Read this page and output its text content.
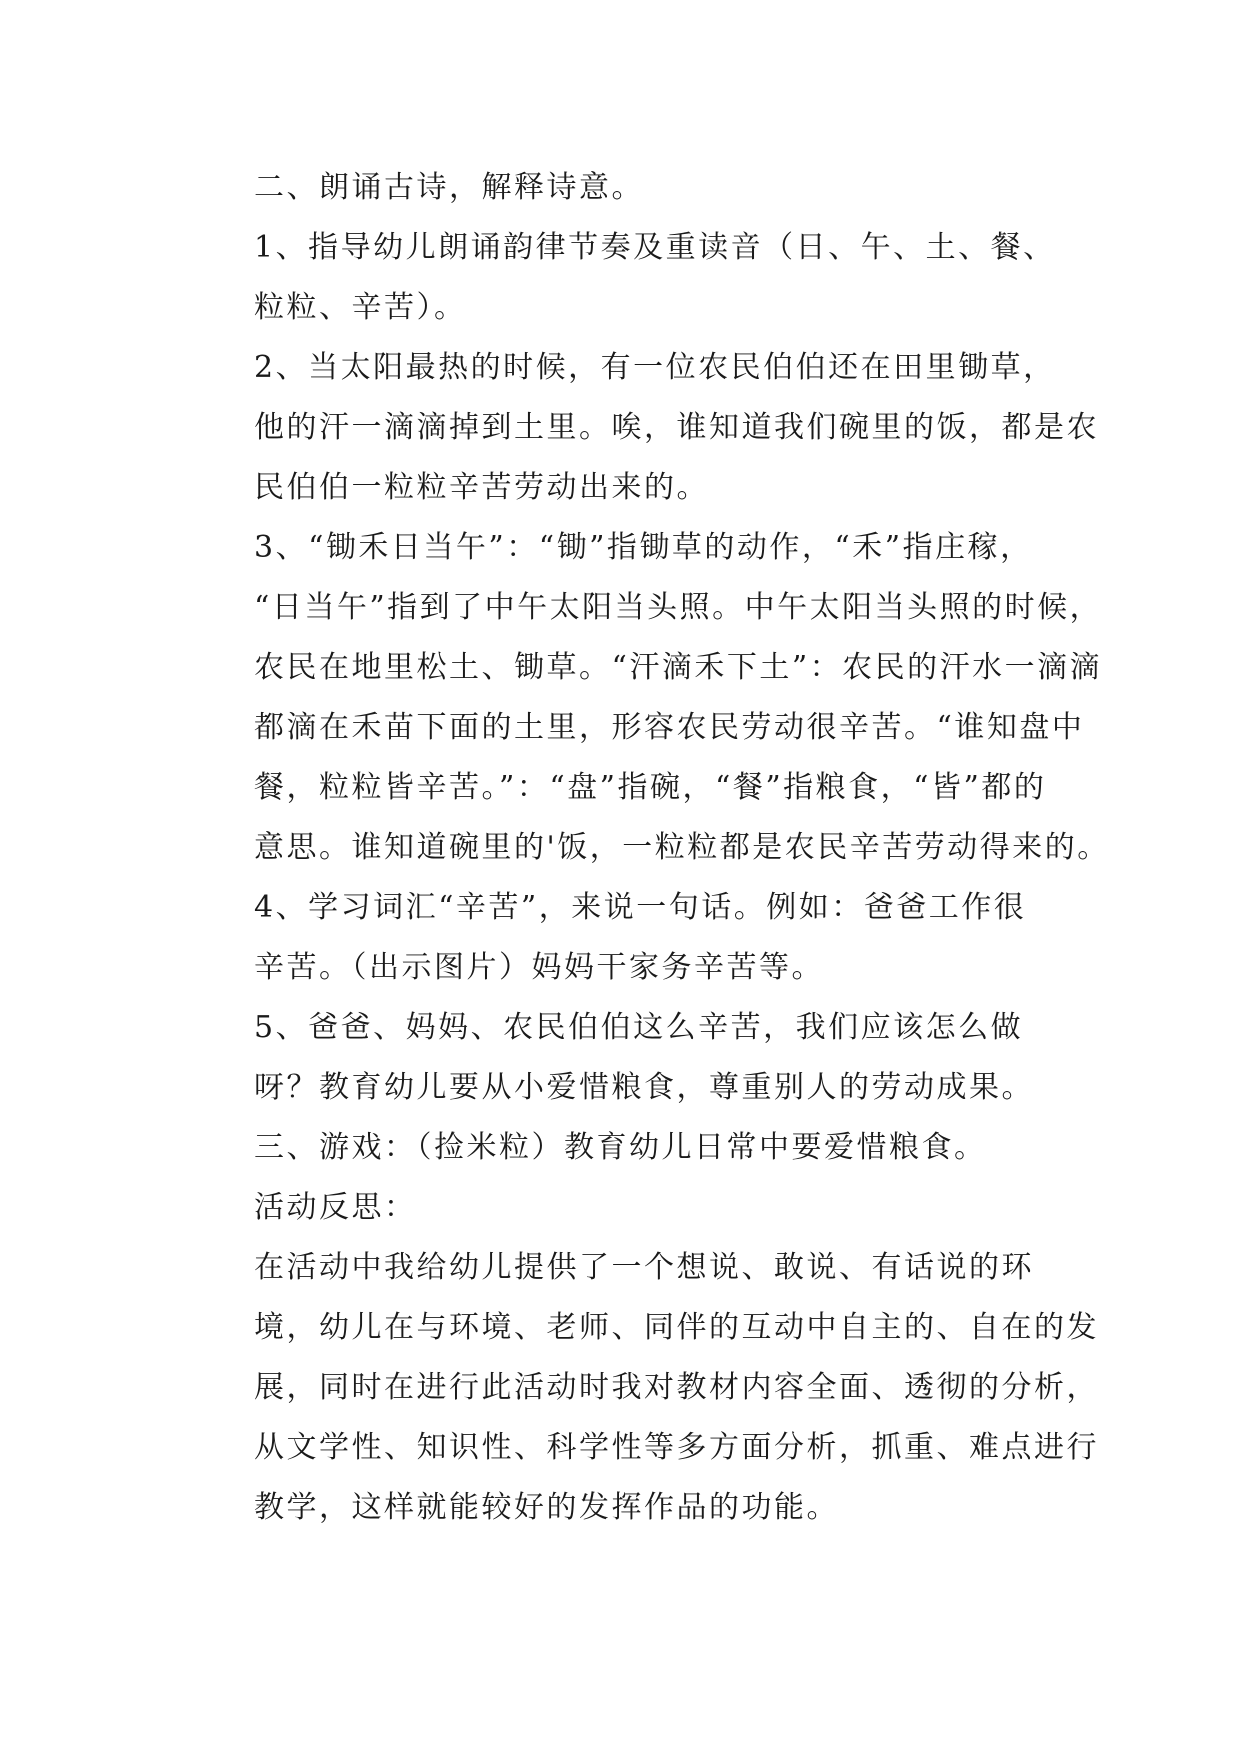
二、朗诵古诗，解释诗意。

1、指导幼儿朗诵韵律节奏及重读音（日、午、土、餐、
粒粒、辛苦）。

2、当太阳最热的时候，有一位农民伯伯还在田里锄草，
他的汗一滴滴掉到土里。唉，谁知道我们碗里的饭，都是农
民伯伯一粒粒辛苦劳动出来的。

3、“锄禾日当午”：“锄”指锄草的动作，“禾”指庄稼，
“日当午”指到了中午太阳当头照。中午太阳当头照的时候，
农民在地里松土、锄草。“汗滴禾下土”：农民的汗水一滴滴
都滴在禾苗下面的土里，形容农民劳动很辛苦。“谁知盘中
餐，粒粒皆辛苦。”：“盘”指碗，“餐”指粮食，“皆”都的
意思。谁知道碗里的'饭，一粒粒都是农民辛苦劳动得来的。

4、学习词汇“辛苦”，来说一句话。例如：爸爸工作很
辛苦。（出示图片）妈妈干家务辛苦等。

5、爸爸、妈妈、农民伯伯这么辛苦，我们应该怎么做
呀？教育幼儿要从小爱惜粮食，尊重别人的劳动成果。

三、游戏：（捡米粒）教育幼儿日常中要爱惜粮食。

活动反思：

在活动中我给幼儿提供了一个想说、敢说、有话说的环
境，幼儿在与环境、老师、同伴的互动中自主的、自在的发
展，同时在进行此活动时我对教材内容全面、透彻的分析，
从文学性、知识性、科学性等多方面分析，抓重、难点进行
教学，这样就能较好的发挥作品的功能。
